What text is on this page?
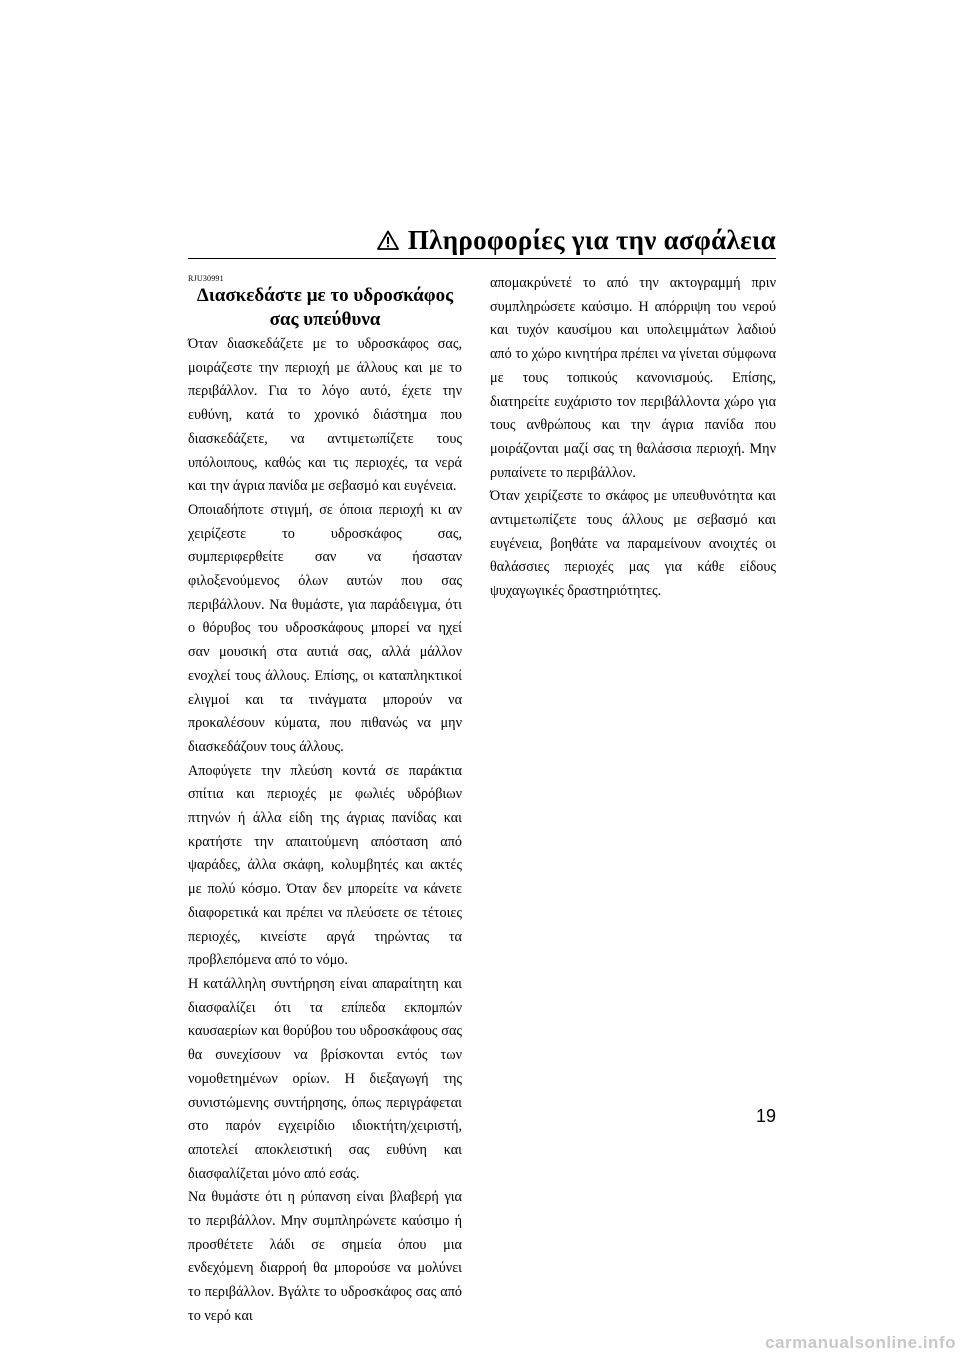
Πληροφορίες για την ασφάλεια

RJU30991

Διασκεδάστε με το υδροσκάφος
σας υπεύθυνα

Όταν διασκεδάζετε με το υδροσκάφος σας, μοιράζεστε την περιοχή με άλλους και με το περιβάλλον. Για το λόγο αυτό, έχετε την ευθύνη, κατά το χρονικό διάστημα που διασκεδάζετε, να αντιμετωπίζετε τους υπόλοιπους, καθώς και τις περιοχές, τα νερά και την άγρια πανίδα με σεβασμό και ευγένεια.

Οποιαδήποτε στιγμή, σε όποια περιοχή κι αν χειρίζεστε το υδροσκάφος σας, συμπεριφερθείτε σαν να ήσασταν φιλοξενούμενος όλων αυτών που σας περιβάλλουν. Να θυμάστε, για παράδειγμα, ότι ο θόρυβος του υδροσκάφους μπορεί να ηχεί σαν μουσική στα αυτιά σας, αλλά μάλλον ενοχλεί τους άλλους. Επίσης, οι καταπληκτικοί ελιγμοί και τα τινάγματα μπορούν να προκαλέσουν κύματα, που πιθανώς να μην διασκεδάζουν τους άλλους.

Αποφύγετε την πλεύση κοντά σε παράκτια σπίτια και περιοχές με φωλιές υδρόβιων πτηνών ή άλλα είδη της άγριας πανίδας και κρατήστε την απαιτούμενη απόσταση από ψαράδες, άλλα σκάφη, κολυμβητές και ακτές με πολύ κόσμο. Όταν δεν μπορείτε να κάνετε διαφορετικά και πρέπει να πλεύσετε σε τέτοιες περιοχές, κινείστε αργά τηρώντας τα προβλεπόμενα από το νόμο.

Η κατάλληλη συντήρηση είναι απαραίτητη και διασφαλίζει ότι τα επίπεδα εκπομπών καυσαερίων και θορύβου του υδροσκάφους σας θα συνεχίσουν να βρίσκονται εντός των νομοθετημένων ορίων. Η διεξαγωγή της συνιστώμενης συντήρησης, όπως περιγράφεται στο παρόν εγχειρίδιο ιδιοκτήτη/χειριστή, αποτελεί αποκλειστική σας ευθύνη και διασφαλίζεται μόνο από εσάς.

Να θυμάστε ότι η ρύπανση είναι βλαβερή για το περιβάλλον. Μην συμπληρώνετε καύσιμο ή προσθέτετε λάδι σε σημεία όπου μια ενδεχόμενη διαρροή θα μπορούσε να μολύνει το περιβάλλον. Βγάλτε το υδροσκάφος σας από το νερό και

απομακρύνετέ το από την ακτογραμμή πριν συμπληρώσετε καύσιμο. Η απόρριψη του νερού και τυχόν καυσίμου και υπολειμμάτων λαδιού από το χώρο κινητήρα πρέπει να γίνεται σύμφωνα με τους τοπικούς κανονισμούς. Επίσης, διατηρείτε ευχάριστο τον περιβάλλοντα χώρο για τους ανθρώπους και την άγρια πανίδα που μοιράζονται μαζί σας τη θαλάσσια περιοχή. Μην ρυπαίνετε το περιβάλλον.

Όταν χειρίζεστε το σκάφος με υπευθυνότητα και αντιμετωπίζετε τους άλλους με σεβασμό και ευγένεια, βοηθάτε να παραμείνουν ανοιχτές οι θαλάσσιες περιοχές μας για κάθε είδους ψυχαγωγικές δραστηριότητες.

19
carmanualsonline.info
